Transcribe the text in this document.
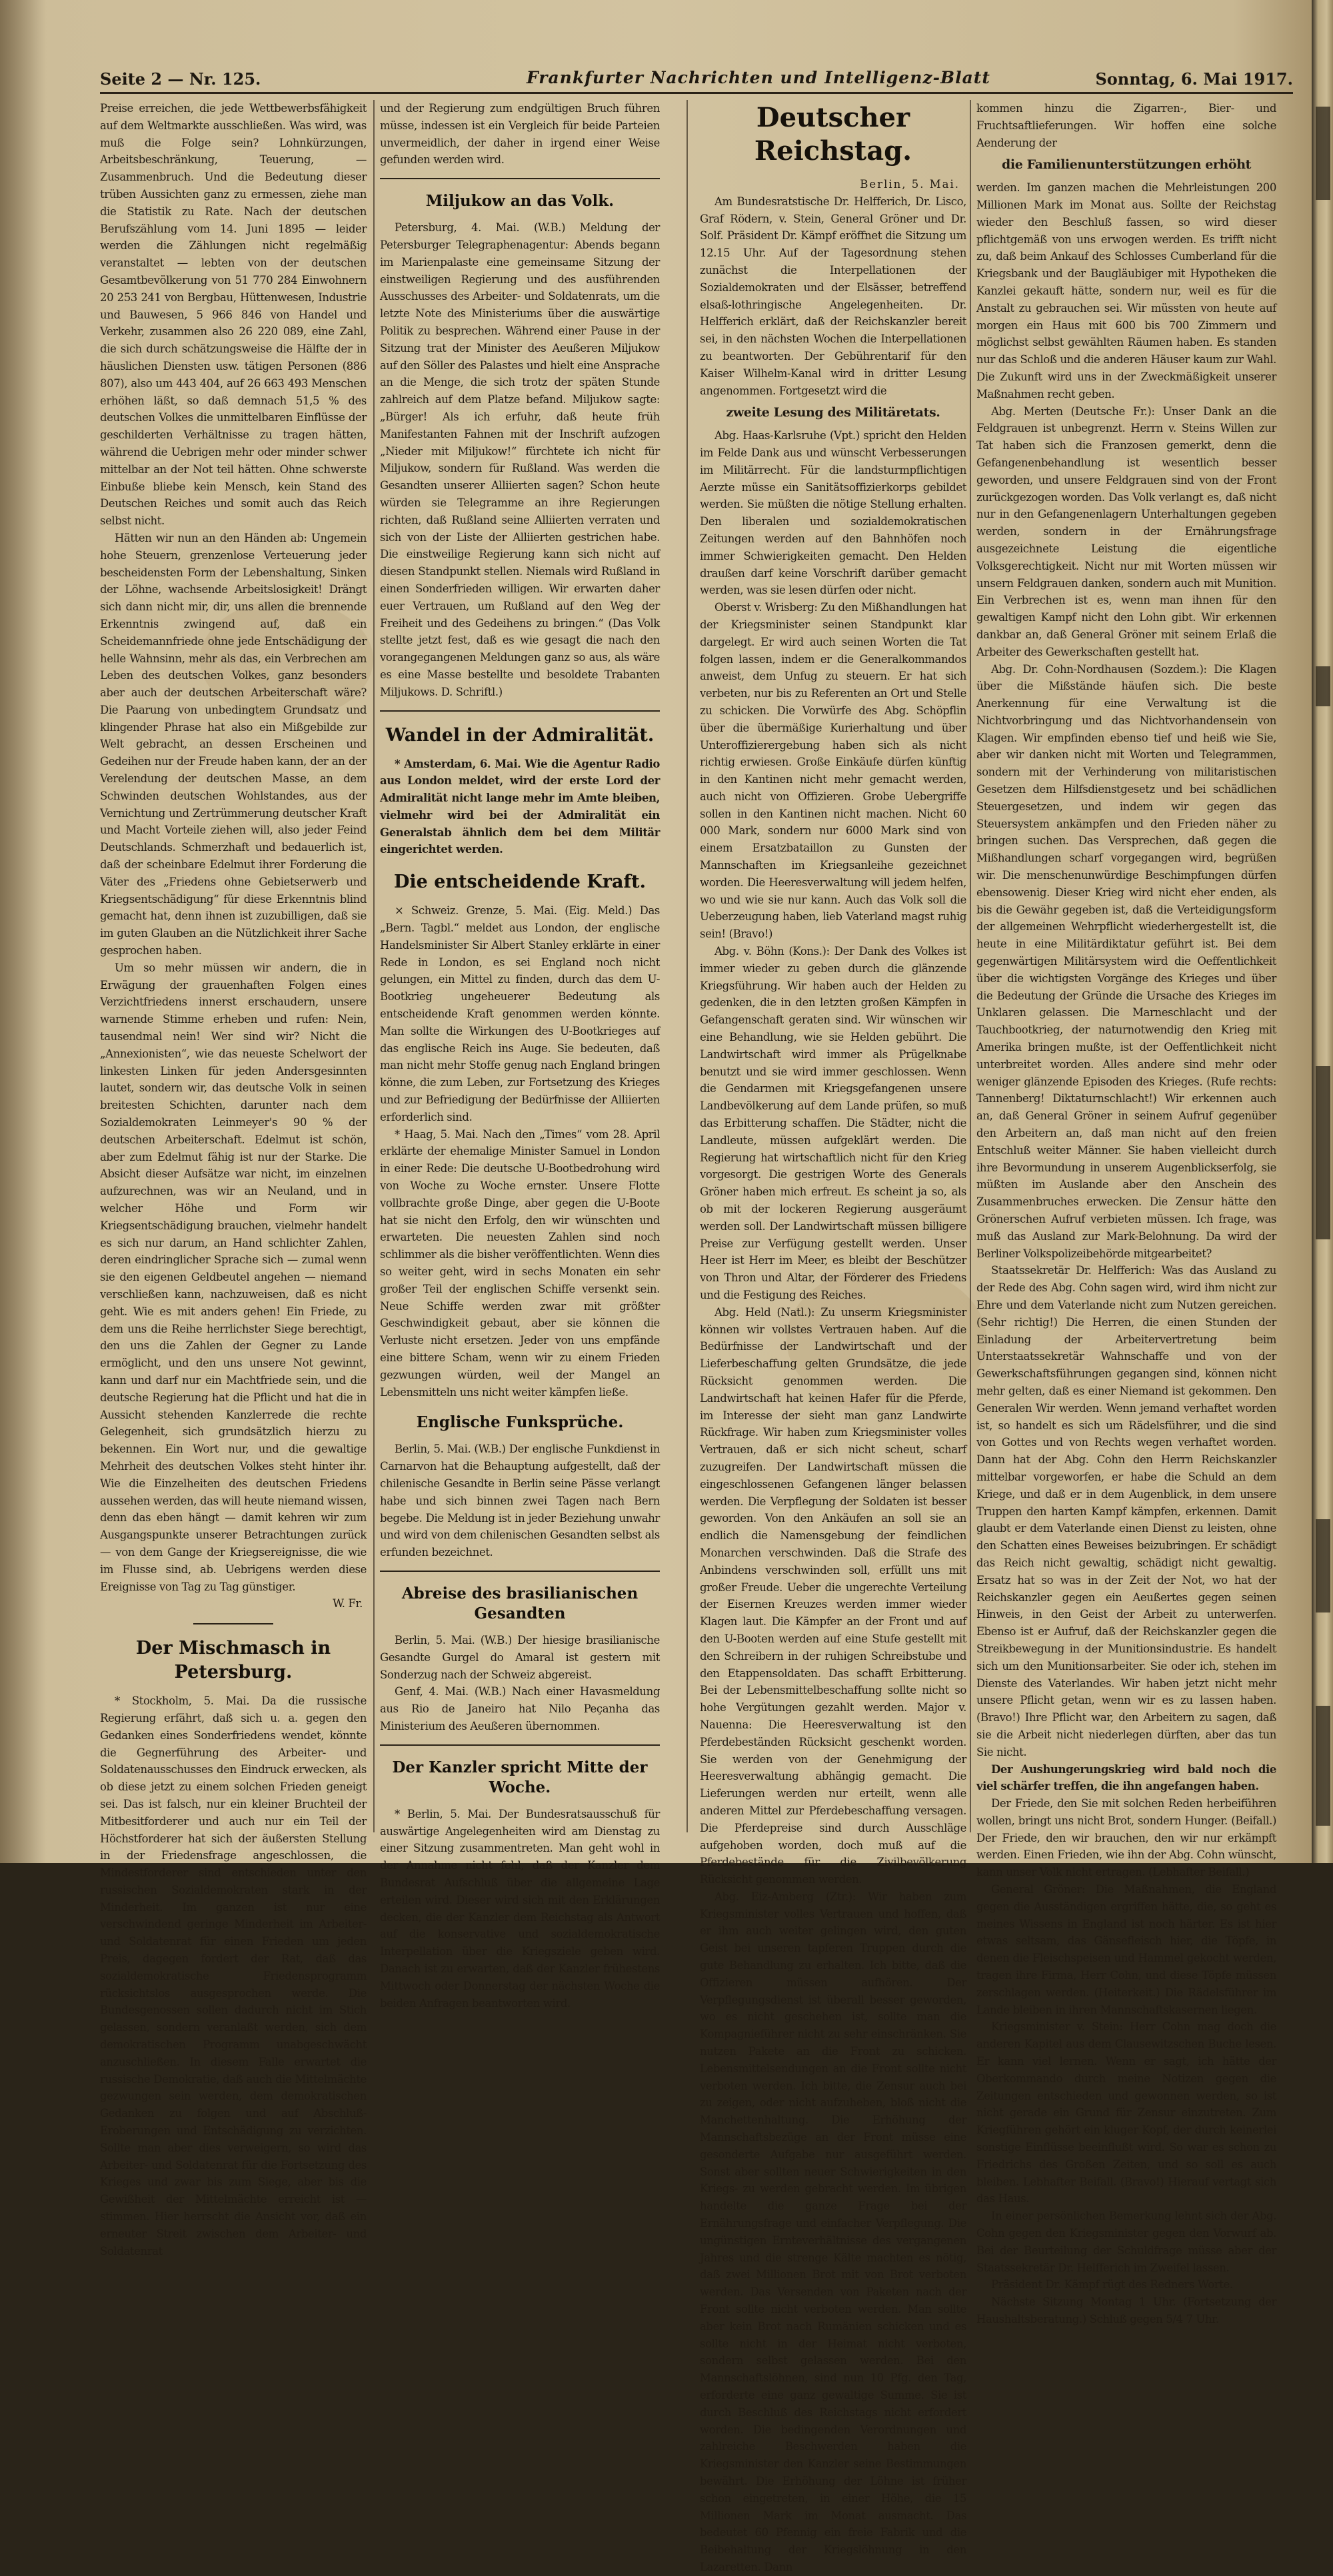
Seite 2 — Nr. 125.	Frankfurter Nachrichten und Intelligenz-Blatt	Sonntag, 6. Mai 1917.

Preise erreichen, die jede Wettbewerbsfähigkeit auf dem Weltmarkte ausschließen. Was wird, was muß die Folge sein? Lohnkürzungen, Arbeitsbeschränkung, Teuerung, — Zusammenbruch. Und die Bedeutung dieser trüben Aussichten ganz zu ermessen, ziehe man die Statistik zu Rate. Nach der deutschen Berufszählung vom 14. Juni 1895 — leider werden die Zählungen nicht regelmäßig veranstaltet — lebten von der deutschen Gesamtbevölkerung von 51 770 284 Einwohnern 20 253 241 von Bergbau, Hüttenwesen, Industrie und Bauwesen, 5 966 846 von Handel und Verkehr, zusammen also 26 220 089, eine Zahl, die sich durch schätzungsweise die Hälfte der in häuslichen Diensten usw. tätigen Personen (886 807), also um 443 404, auf 26 663 493 Menschen erhöhen läßt, so daß demnach 51,5 % des deutschen Volkes die unmittelbaren Einflüsse der geschilderten Verhältnisse zu tragen hätten, während die Uebrigen mehr oder minder schwer mittelbar an der Not teil hätten. Ohne schwerste Einbuße bliebe kein Mensch, kein Stand des Deutschen Reiches und somit auch das Reich selbst nicht.

Hätten wir nun an den Händen ab: Ungemein hohe Steuern, grenzenlose Verteuerung jeder bescheidensten Form der Lebenshaltung, Sinken der Löhne, wachsende Arbeitslosigkeit! Drängt sich dann nicht mir, dir, uns allen die brennende Erkenntnis zwingend auf, daß ein Scheidemannfriede ohne jede Entschädigung der helle Wahnsinn, mehr als das, ein Verbrechen am Leben des deutschen Volkes, ganz besonders aber auch der deutschen Arbeiterschaft wäre? Die Paarung von unbedingtem Grundsatz und klingender Phrase hat also ein Mißgebilde zur Welt gebracht, an dessen Erscheinen und Gedeihen nur der Freude haben kann, der an der Verelendung der deutschen Masse, an dem Schwinden deutschen Wohlstandes, aus der Vernichtung und Zertrümmerung deutscher Kraft und Macht Vorteile ziehen will, also jeder Feind Deutschlands. Schmerzhaft und bedauerlich ist, daß der scheinbare Edelmut ihrer Forderung die Väter des „Friedens ohne Gebietserwerb und Kriegsentschädigung“ für diese Erkenntnis blind gemacht hat, denn ihnen ist zuzubilligen, daß sie im guten Glauben an die Nützlichkeit ihrer Sache gesprochen haben.

Um so mehr müssen wir andern, die in Erwägung der grauenhaften Folgen eines Verzichtfriedens innerst erschaudern, unsere warnende Stimme erheben und rufen: Nein, tausendmal nein! Wer sind wir? Nicht die „Annexionisten“, wie das neueste Schelwort der linkesten Linken für jeden Andersgesinnten lautet, sondern wir, das deutsche Volk in seinen breitesten Schichten, darunter nach dem Sozialdemokraten Leinmeyer's 90 % der deutschen Arbeiterschaft. Edelmut ist schön, aber zum Edelmut fähig ist nur der Starke. Die Absicht dieser Aufsätze war nicht, im einzelnen aufzurechnen, was wir an Neuland, und in welcher Höhe und Form wir Kriegsentschädigung brauchen, vielmehr handelt es sich nur darum, an Hand schlichter Zahlen, deren eindringlicher Sprache sich — zumal wenn sie den eigenen Geldbeutel angehen — niemand verschließen kann, nachzuweisen, daß es nicht geht. Wie es mit anders gehen! Ein Friede, zu dem uns die Reihe herrlichster Siege berechtigt, den uns die Zahlen der Gegner zu Lande ermöglicht, und den uns unsere Not gewinnt, kann und darf nur ein Machtfriede sein, und die deutsche Regierung hat die Pflicht und hat die in Aussicht stehenden Kanzlerrede die rechte Gelegenheit, sich grundsätzlich hierzu zu bekennen. Ein Wort nur, und die gewaltige Mehrheit des deutschen Volkes steht hinter ihr. Wie die Einzelheiten des deutschen Friedens aussehen werden, das will heute niemand wissen, denn das eben hängt — damit kehren wir zum Ausgangspunkte unserer Betrachtungen zurück — von dem Gange der Kriegsereignisse, die wie im Flusse sind, ab. Uebrigens werden diese Ereignisse von Tag zu Tag günstiger.

W. Fr.
Der Mischmasch in Petersburg.

* Stockholm, 5. Mai. Da die russische Regierung erfährt, daß sich u. a. gegen den Gedanken eines Sonderfriedens wendet, könnte die Gegnerführung des Arbeiter- und Soldatenausschusses den Eindruck erwecken, als ob diese jetzt zu einem solchen Frieden geneigt sei. Das ist falsch, nur ein kleiner Bruchteil der Mitbesitforderer und auch nur ein Teil der Höchstforderer hat sich der äußersten Stellung in der Friedensfrage angeschlossen, die Mindestforderer sind entschieden unter den russischen Sozialdemokraten stark in der Minderheit. Im ganzen ist nur eine verschwindend geringe Minderheit im Arbeiter- und Soldatenrat für einen Frieden um jeden Preis, dagegen fordert der Rat, daß das sozialdemokratische Friedensprogramm rücksichtslos ausgesprochen werde. Die Bundesgenossen sollen dadurch nicht im Stich gelassen, sondern veranlaßt werden, sich dem demokratischen Programm unabgeschwächt anzuschließen. In diesem Falle erwartet die russische Demokratie, daß auch die Mittelmächte gezwungen sein werden, dem demokratischen Gedanken zu folgen und auf Abschluß-Eroberungen und Entschädigung zu verzichten. Sollte man aber dies verweigern, so wird das Arbeiter- und Soldatenrat für die Fortsetzung des Krieges und zwar bis zum Siege, aber bis die Gewißheit der Mittelmächte erreicht ist — stimmen. Hier herrscht die Ansicht vor, daß ein erneuter Streit zwischen dem Arbeiter- und Soldatenrat

und der Regierung zum endgültigen Bruch führen müsse, indessen ist ein Vergleich für beide Parteien unvermeidlich, der daher in irgend einer Weise gefunden werden wird.

Miljukow an das Volk.

Petersburg, 4. Mai. (W.B.) Meldung der Petersburger Telegraphenagentur: Abends begann im Marienpalaste eine gemeinsame Sitzung der einstweiligen Regierung und des ausführenden Ausschusses des Arbeiter- und Soldatenrats, um die letzte Note des Ministeriums über die auswärtige Politik zu besprechen. Während einer Pause in der Sitzung trat der Minister des Aeußeren Miljukow auf den Söller des Palastes und hielt eine Ansprache an die Menge, die sich trotz der späten Stunde zahlreich auf dem Platze befand. Miljukow sagte: „Bürger! Als ich erfuhr, daß heute früh Manifestanten Fahnen mit der Inschrift aufzogen „Nieder mit Miljukow!“ fürchtete ich nicht für Miljukow, sondern für Rußland. Was werden die Gesandten unserer Alliierten sagen? Schon heute würden sie Telegramme an ihre Regierungen richten, daß Rußland seine Alliierten verraten und sich von der Liste der Alliierten gestrichen habe. Die einstweilige Regierung kann sich nicht auf diesen Standpunkt stellen. Niemals wird Rußland in einen Sonderfrieden willigen. Wir erwarten daher euer Vertrauen, um Rußland auf den Weg der Freiheit und des Gedeihens zu bringen.“ (Das Volk stellte jetzt fest, daß es wie gesagt die nach den vorangegangenen Meldungen ganz so aus, als wäre es eine Masse bestellte und besoldete Trabanten Miljukows. D. Schriftl.)

Wandel in der Admiralität.

* Amsterdam, 6. Mai. Wie die Agentur Radio aus London meldet, wird der erste Lord der Admiralität nicht lange mehr im Amte bleiben, vielmehr wird bei der Admiralität ein Generalstab ähnlich dem bei dem Militär eingerichtet werden.

Die entscheidende Kraft.

× Schweiz. Grenze, 5. Mai. (Eig. Meld.) Das „Bern. Tagbl.“ meldet aus London, der englische Handelsminister Sir Albert Stanley erklärte in einer Rede in London, es sei England noch nicht gelungen, ein Mittel zu finden, durch das dem U-Bootkrieg ungeheuerer Bedeutung als entscheidende Kraft genommen werden könnte. Man sollte die Wirkungen des U-Bootkrieges auf das englische Reich ins Auge. Sie bedeuten, daß man nicht mehr Stoffe genug nach England bringen könne, die zum Leben, zur Fortsetzung des Krieges und zur Befriedigung der Bedürfnisse der Alliierten erforderlich sind.

* Haag, 5. Mai. Nach den „Times“ vom 28. April erklärte der ehemalige Minister Samuel in London in einer Rede: Die deutsche U-Bootbedrohung wird von Woche zu Woche ernster. Unsere Flotte vollbrachte große Dinge, aber gegen die U-Boote hat sie nicht den Erfolg, den wir wünschten und erwarteten. Die neuesten Zahlen sind noch schlimmer als die bisher veröffentlichten. Wenn dies so weiter geht, wird in sechs Monaten ein sehr großer Teil der englischen Schiffe versenkt sein. Neue Schiffe werden zwar mit größter Geschwindigkeit gebaut, aber sie können die Verluste nicht ersetzen. Jeder von uns empfände eine bittere Scham, wenn wir zu einem Frieden gezwungen würden, weil der Mangel an Lebensmitteln uns nicht weiter kämpfen ließe.

Englische Funksprüche.

Berlin, 5. Mai. (W.B.) Der englische Funkdienst in Carnarvon hat die Behauptung aufgestellt, daß der chilenische Gesandte in Berlin seine Pässe verlangt habe und sich binnen zwei Tagen nach Bern begebe. Die Meldung ist in jeder Beziehung unwahr und wird von dem chilenischen Gesandten selbst als erfunden bezeichnet.

Abreise des brasilianischen Gesandten

Berlin, 5. Mai. (W.B.) Der hiesige brasilianische Gesandte Gurgel do Amaral ist gestern mit Sonderzug nach der Schweiz abgereist.

Genf, 4. Mai. (W.B.) Nach einer Havasmeldung aus Rio de Janeiro hat Nilo Peçanha das Ministerium des Aeußeren übernommen.

Der Kanzler spricht Mitte der Woche.

* Berlin, 5. Mai. Der Bundesratsausschuß für auswärtige Angelegenheiten wird am Dienstag zu einer Sitzung zusammentreten. Man geht wohl in der Annahme nicht fehl, daß der Kanzler dem Bundesrat Aufschluß über die allgemeine Lage erteilen wird. Dieser wird sich mit den Erklärungen decken, die der Kanzler dem Reichstag als Antwort auf die konservative und sozialdemokratische Interpellation über die Kriegsziele geben wird. Danach ist zu erwarten, daß der Kanzler frühestens Mittwoch oder Donnerstag der nächsten Woche die beiden Anfragen beantworten wird.

Deutscher Reichstag.
Berlin, 5. Mai.

Am Bundesratstische Dr. Helfferich, Dr. Lisco, Graf Rödern, v. Stein, General Gröner und Dr. Solf. Präsident Dr. Kämpf eröffnet die Sitzung um 12.15 Uhr. Auf der Tagesordnung stehen zunächst die Interpellationen der Sozialdemokraten und der Elsässer, betreffend elsaß-lothringische Angelegenheiten. Dr. Helfferich erklärt, daß der Reichskanzler bereit sei, in den nächsten Wochen die Interpellationen zu beantworten. Der Gebührentarif für den Kaiser Wilhelm-Kanal wird in dritter Lesung angenommen. Fortgesetzt wird die

zweite Lesung des Militäretats.

Abg. Haas-Karlsruhe (Vpt.) spricht den Helden im Felde Dank aus und wünscht Verbesserungen im Militärrecht. Für die landsturmpflichtigen Aerzte müsse ein Sanitätsoffizierkorps gebildet werden. Sie müßten die nötige Stellung erhalten. Den liberalen und sozialdemokratischen Zeitungen werden auf den Bahnhöfen noch immer Schwierigkeiten gemacht. Den Helden draußen darf keine Vorschrift darüber gemacht werden, was sie lesen dürfen oder nicht.

Oberst v. Wrisberg: Zu den Mißhandlungen hat der Kriegsminister seinen Standpunkt klar dargelegt. Er wird auch seinen Worten die Tat folgen lassen, indem er die Generalkommandos anweist, dem Unfug zu steuern. Er hat sich verbeten, nur bis zu Referenten an Ort und Stelle zu schicken. Die Vorwürfe des Abg. Schöpflin über die übermäßige Kurierhaltung und über Unteroffizierergebung haben sich als nicht richtig erwiesen. Große Einkäufe dürfen künftig in den Kantinen nicht mehr gemacht werden, auch nicht von Offizieren. Grobe Uebergriffe sollen in den Kantinen nicht machen. Nicht 60 000 Mark, sondern nur 6000 Mark sind von einem Ersatzbataillon zu Gunsten der Mannschaften im Kriegsanleihe gezeichnet worden. Die Heeresverwaltung will jedem helfen, wo und wie sie nur kann. Auch das Volk soll die Ueberzeugung haben, lieb Vaterland magst ruhig sein! (Bravo!)

Abg. v. Böhn (Kons.): Der Dank des Volkes ist immer wieder zu geben durch die glänzende Kriegsführung. Wir haben auch der Helden zu gedenken, die in den letzten großen Kämpfen in Gefangenschaft geraten sind. Wir wünschen wir eine Behandlung, wie sie Helden gebührt. Die Landwirtschaft wird immer als Prügelknabe benutzt und sie wird immer geschlossen. Wenn die Gendarmen mit Kriegsgefangenen unsere Landbevölkerung auf dem Lande prüfen, so muß das Erbitterung schaffen. Die Städter, nicht die Landleute, müssen aufgeklärt werden. Die Regierung hat wirtschaftlich nicht für den Krieg vorgesorgt. Die gestrigen Worte des Generals Gröner haben mich erfreut. Es scheint ja so, als ob mit der lockeren Regierung ausgeräumt werden soll. Der Landwirtschaft müssen billigere Preise zur Verfügung gestellt werden. Unser Heer ist Herr im Meer, es bleibt der Beschützer von Thron und Altar, der Förderer des Friedens und die Festigung des Reiches.

Abg. Held (Natl.): Zu unserm Kriegsminister können wir vollstes Vertrauen haben. Auf die Bedürfnisse der Landwirtschaft und der Lieferbeschaffung gelten Grundsätze, die jede Rücksicht genommen werden. Die Landwirtschaft hat keinen Hafer für die Pferde, im Interesse der sieht man ganz Landwirte Rückfrage. Wir haben zum Kriegsminister volles Vertrauen, daß er sich nicht scheut, scharf zuzugreifen. Der Landwirtschaft müssen die eingeschlossenen Gefangenen länger belassen werden. Die Verpflegung der Soldaten ist besser geworden. Von den Ankäufen an soll sie an endlich die Namensgebung der feindlichen Monarchen verschwinden. Daß die Strafe des Anbindens verschwinden soll, erfüllt uns mit großer Freude. Ueber die ungerechte Verteilung der Eisernen Kreuzes werden immer wieder Klagen laut. Die Kämpfer an der Front und auf den U-Booten werden auf eine Stufe gestellt mit den Schreibern in der ruhigen Schreibstube und den Etappensoldaten. Das schafft Erbitterung. Bei der Lebensmittelbeschaffung sollte nicht so hohe Vergütungen gezahlt werden. Major v. Nauenna: Die Heeresverwaltung ist den Pferdebeständen Rücksicht geschenkt worden. Sie werden von der Genehmigung der Heeresverwaltung abhängig gemacht. Die Lieferungen werden nur erteilt, wenn alle anderen Mittel zur Pferdebeschaffung versagen. Die Pferdepreise sind durch Ausschläge aufgehoben worden, doch muß auf die Pferdebestände für die Zivilbevölkerung Rücksicht genommen werden.

Abg. Eiz-Amberg (Ztr.): Wir haben zum Kriegsminister volles Vertrauen und hoffen, daß er ihm auch weiter gelingen wird, den guten Geist bei unseren tapferen Truppen durch die gute Behandlung zu erhalten. Ich bitte, daß die Offizieren müssen aufhören. Der Verpflegungsdienst ist überall besser geworden, wo es nicht geschehen ist, sollte man die Kompagnieführer nicht zu sehr einschränken. Sie nutzen Pakete an die Front zu schicken. Lebensmittelsendungen an die Front sollte nicht verboten werden. Ich bitte, die Zensur auch bei zu zeigen, oder nicht aufzuheben, bloß nicht die Manchettenhaltung. Die Erhöhung der Mannschaftsbezüge an der Front müsse eine gesonderte Aufgabe nur ausgeführt werden. Sonst aber sollten neuer Schwierigkeiten in den Kriegs- zu werden gebracht werden. Im übrigen handelte die ganze Frage bei der Ernährungsfrage und einfacher Verpflegung. Die ungünstigen Ernteverhältnisse des vergangenen Jahres und die strenge Kälte machten es nötig, daß zwei Millionen Brot mit von Brot verboten werden. Das Versenden von Paketen nach der Front sollte nicht verboten werden. Man sollte aber kein Brot nach Rumänien schicken und es sollte nicht in der Heimat nicht verboten, sondern selbst gelassen werden. Bei den Mannschaftslöhnen, sind nun 10 Pfg. den Tag, erforderte eine ganz gewaltige Summe. Sie ist durch Beschluß des Reichstags nicht erfordert worden. Die bedingenden Verordnungen und zahlreiche Beschwerden haben die Kriegsminister den Kanzler seine Bestimmungen bewährt. Die Erhöhung der Löhne ist früher schon eingetreten, in einer Höhe, die 15 Millionen Mark im Monat ausmacht. Das bedeutet 60 Pfennig ein freie Fabrik und die Beibehaltung der Kriegslöhnung in den Lazaretten. Dann

kommen hinzu die Zigarren-, Bier- und Fruchtsaftlieferungen. Wir hoffen eine solche Aenderung der

die Familienunterstützungen erhöht

werden. Im ganzen machen die Mehrleistungen 200 Millionen Mark im Monat aus. Sollte der Reichstag wieder den Beschluß fassen, so wird dieser pflichtgemäß von uns erwogen werden. Es trifft nicht zu, daß beim Ankauf des Schlosses Cumberland für die Kriegsbank und der Baugläubiger mit Hypotheken die Kanzlei gekauft hätte, sondern nur, weil es für die Anstalt zu gebrauchen sei. Wir müssten von heute auf morgen ein Haus mit 600 bis 700 Zimmern und möglichst selbst gewählten Räumen haben. Es standen nur das Schloß und die anderen Häuser kaum zur Wahl. Die Zukunft wird uns in der Zweckmäßigkeit unserer Maßnahmen recht geben.

Abg. Merten (Deutsche Fr.): Unser Dank an die Feldgrauen ist unbegrenzt. Herrn v. Steins Willen zur Tat haben sich die Franzosen gemerkt, denn die Gefangenenbehandlung ist wesentlich besser geworden, und unsere Feldgrauen sind von der Front zurückgezogen worden. Das Volk verlangt es, daß nicht nur in den Gefangenenlagern Unterhaltungen gegeben werden, sondern in der Ernährungsfrage ausgezeichnete Leistung die eigentliche Volksgerechtigkeit. Nicht nur mit Worten müssen wir unsern Feldgrauen danken, sondern auch mit Munition. Ein Verbrechen ist es, wenn man ihnen für den gewaltigen Kampf nicht den Lohn gibt. Wir erkennen dankbar an, daß General Gröner mit seinem Erlaß die Arbeiter des Gewerkschaften gestellt hat.

Abg. Dr. Cohn-Nordhausen (Sozdem.): Die Klagen über die Mißstände häufen sich. Die beste Anerkennung für eine Verwaltung ist die Nichtvorbringung und das Nichtvorhandensein von Klagen. Wir empfinden ebenso tief und heiß wie Sie, aber wir danken nicht mit Worten und Telegrammen, sondern mit der Verhinderung von militaristischen Gesetzen dem Hilfsdienstgesetz und bei schädlichen Steuergesetzen, und indem wir gegen das Steuersystem ankämpfen und den Frieden näher zu bringen suchen. Das Versprechen, daß gegen die Mißhandlungen scharf vorgegangen wird, begrüßen wir. Die menschenunwürdige Beschimpfungen dürfen ebensowenig. Dieser Krieg wird nicht eher enden, als bis die Gewähr gegeben ist, daß die Verteidigungsform der allgemeinen Wehrpflicht wiederhergestellt ist, die heute in eine Militärdiktatur geführt ist. Bei dem gegenwärtigen Militärsystem wird die Oeffentlichkeit über die wichtigsten Vorgänge des Krieges und über die Bedeutung der Gründe die Ursache des Krieges im Unklaren gelassen. Die Marneschlacht und der Tauchbootkrieg, der naturnotwendig den Krieg mit Amerika bringen mußte, ist der Oeffentlichkeit nicht unterbreitet worden. Alles andere sind mehr oder weniger glänzende Episoden des Krieges. (Rufe rechts: Tannenberg! Diktaturnschlacht!) Wir erkennen auch an, daß General Gröner in seinem Aufruf gegenüber den Arbeitern an, daß man nicht auf den freien Entschluß weiter Männer. Sie haben vielleicht durch ihre Bevormundung in unserem Augenblickserfolg, sie müßten im Auslande aber den Anschein des Zusammenbruches erwecken. Die Zensur hätte den Grönerschen Aufruf verbieten müssen. Ich frage, was muß das Ausland zur Mark-Belohnung. Da wird der Berliner Volkspolizeibehörde mitgearbeitet?

Staatssekretär Dr. Helfferich: Was das Ausland zu der Rede des Abg. Cohn sagen wird, wird ihm nicht zur Ehre und dem Vaterlande nicht zum Nutzen gereichen. (Sehr richtig!) Die Herren, die einen Stunden der Einladung der Arbeitervertretung beim Unterstaatssekretär Wahnschaffe und von der Gewerkschaftsführungen gegangen sind, können nicht mehr gelten, daß es einer Niemand ist gekommen. Den Generalen Wir werden. Wenn jemand verhaftet worden ist, so handelt es sich um Rädelsführer, und die sind von Gottes und von Rechts wegen verhaftet worden. Dann hat der Abg. Cohn den Herrn Reichskanzler mittelbar vorgeworfen, er habe die Schuld an dem Kriege, und daß er in dem Augenblick, in dem unsere Truppen den harten Kampf kämpfen, erkennen. Damit glaubt er dem Vaterlande einen Dienst zu leisten, ohne den Schatten eines Beweises beizubringen. Er schädigt das Reich nicht gewaltig, schädigt nicht gewaltig. Ersatz hat so was in der Zeit der Not, wo hat der Reichskanzler gegen ein Aeußertes gegen seinen Hinweis, in den Geist der Arbeit zu unterwerfen. Ebenso ist er Aufruf, daß der Reichskanzler gegen die Streikbewegung in der Munitionsindustrie. Es handelt sich um den Munitionsarbeiter. Sie oder ich, stehen im Dienste des Vaterlandes. Wir haben jetzt nicht mehr unsere Pflicht getan, wenn wir es zu lassen haben. (Bravo!) Ihre Pflicht war, den Arbeitern zu sagen, daß sie die Arbeit nicht niederlegen dürften, aber das tun Sie nicht.

Der Aushungerungskrieg wird bald noch die viel schärfer treffen, die ihn angefangen haben.

Der Friede, den Sie mit solchen Reden herbeiführen wollen, bringt uns nicht Brot, sondern Hunger. (Beifall.) Der Friede, den wir brauchen, den wir nur erkämpft werden. Einen Frieden, wie ihn der Abg. Cohn wünscht, kann unser Volk nicht ertragen. (Lebhafter Beifall.)

General Gröner: Die Maßnahmen, die England gegen die Ausständigen ergriffen hätte, die, so geht es meines Wissens in England ist noch härter. Es ist hier etwas seltsam, das Gänsefleisch hier, die Töpfe, in denen die Fleischspeisen und Hammel gekocht werden, tragen ihre Firma, Herr Cohn, und diese Töpfe müssen zerschlagen werden. (Heiterkeit.) Die Rädelsführer im Lande bleiben in ihren Mannschaftskasernen liegen.

Kriegsminister v. Stein: Herr Cohn mag doch die anderen Kapitel aus dem Clausewitzschen Buche lesen. Er kann viel lernen. Wenn er sagt, ich hätte der Oberkommando durch meine Notizen gegen die Zeitungen entschieden und gewonnen werden, so ist nicht gerade ein Grund für Zensur einzutreten. Zum Kriegführen gehört ein kluger Kopf, der durch keinerlei sonstige Einflüsse beeinflußt wird. So war es schon zu Friedrichs des Großen Zeiten, und so soll es auch bleiben. Lebhafter Beifall. (Bravo!) Hierauf vertagt sich das Haus.

In einer persönlichen Bemerkung lehnt sich der Abg. Cohn gegen den Kriegsminister gegen den Vorwurf ab. Bei der Beurteilung der Schuldfrage müsse aber der Staatssekretär Dr. Helfferich im Zweifel lassen.

Präsident Dr. Kämpf rügt des Redners Worte.

Nächste Sitzung Montag 1 Uhr. (Fortsetzung der Haushaltsberatung.) Schluß gegen 5/4 7 Uhr.
